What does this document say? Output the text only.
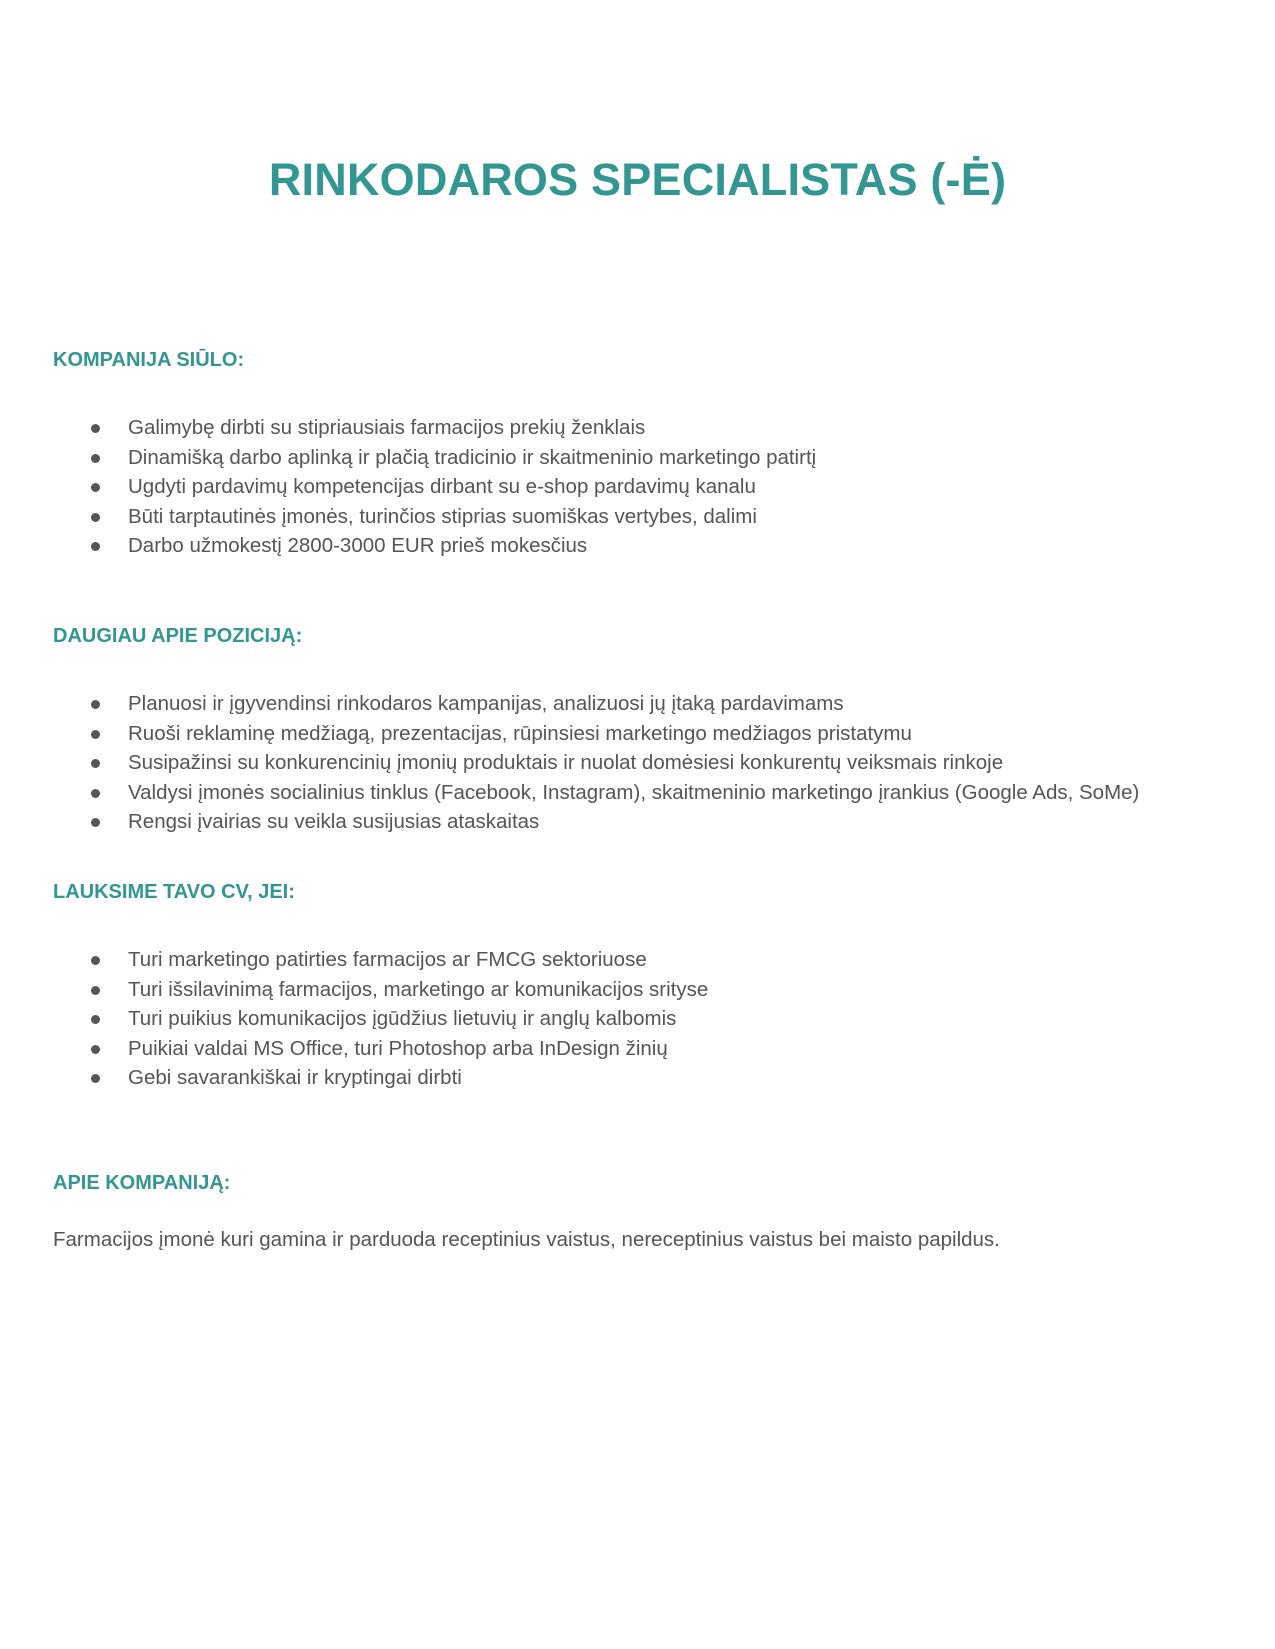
RINKODAROS SPECIALISTAS (-Ė)
KOMPANIJA SIŪLO:
Galimybę dirbti su stipriausiais farmacijos prekių ženklais
Dinamišką darbo aplinką ir plačią tradicinio ir skaitmeninio marketingo patirtį
Ugdyti pardavimų kompetencijas dirbant su e-shop pardavimų kanalu
Būti tarptautinės įmonės, turinčios stiprias suomiškas vertybes, dalimi
Darbo užmokestį 2800-3000 EUR prieš mokesčius
DAUGIAU APIE POZICIJĄ:
Planuosi ir įgyvendinsi rinkodaros kampanijas, analizuosi jų įtaką pardavimams
Ruoši reklaminę medžiagą, prezentacijas, rūpinsiesi marketingo medžiagos pristatymu
Susipažinsi su konkurencinių įmonių produktais ir nuolat domėsiesi konkurentų veiksmais rinkoje
Valdysi įmonės socialinius tinklus (Facebook, Instagram), skaitmeninio marketingo įrankius (Google Ads, SoMe)
Rengsi įvairias su veikla susijusias ataskaitas
LAUKSIME TAVO CV, JEI:
Turi marketingo patirties farmacijos ar FMCG sektoriuose
Turi išsilavinimą farmacijos, marketingo ar komunikacijos srityse
Turi puikius komunikacijos įgūdžius lietuvių ir anglų kalbomis
Puikiai valdai MS Office, turi Photoshop arba InDesign žinių
Gebi savarankiškai ir kryptingai dirbti
APIE KOMPANIJĄ:

Farmacijos įmonė kuri gamina ir parduoda receptinius vaistus, nereceptinius vaistus bei maisto papildus.
